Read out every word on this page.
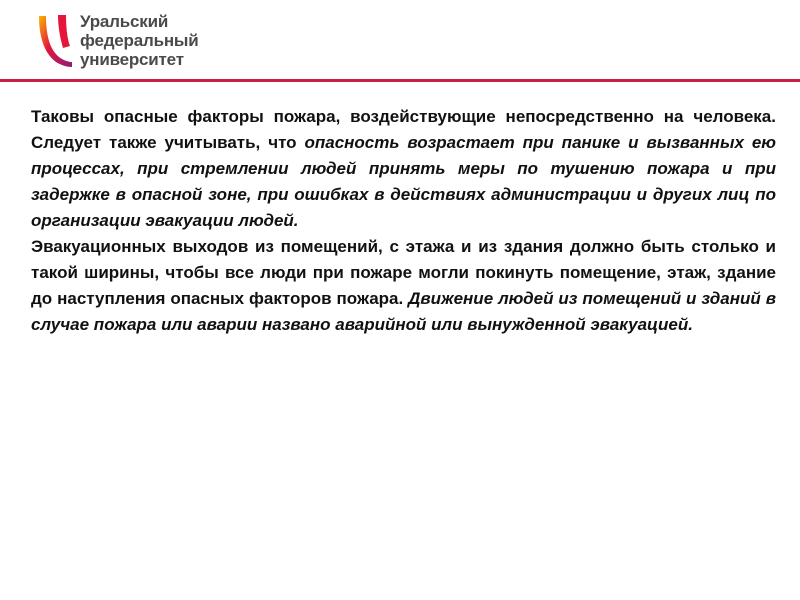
Уральский
федеральный
университет

Таковы опасные факторы пожара, воздействующие непосредственно на человека. Следует также учитывать, что опасность возрастает при панике и вызванных ею процессах, при стремлении людей принять меры по тушению пожара и при задержке в опасной зоне, при ошибках в действиях администрации и других лиц по организации эвакуации людей.

Эвакуационных выходов из помещений, с этажа и из здания должно быть столько и такой ширины, чтобы все люди при пожаре могли покинуть помещение, этаж, здание до наступления опасных факторов пожара. Движение людей из помещений и зданий в случае пожара или аварии названо аварийной или вынужденной эвакуацией.
